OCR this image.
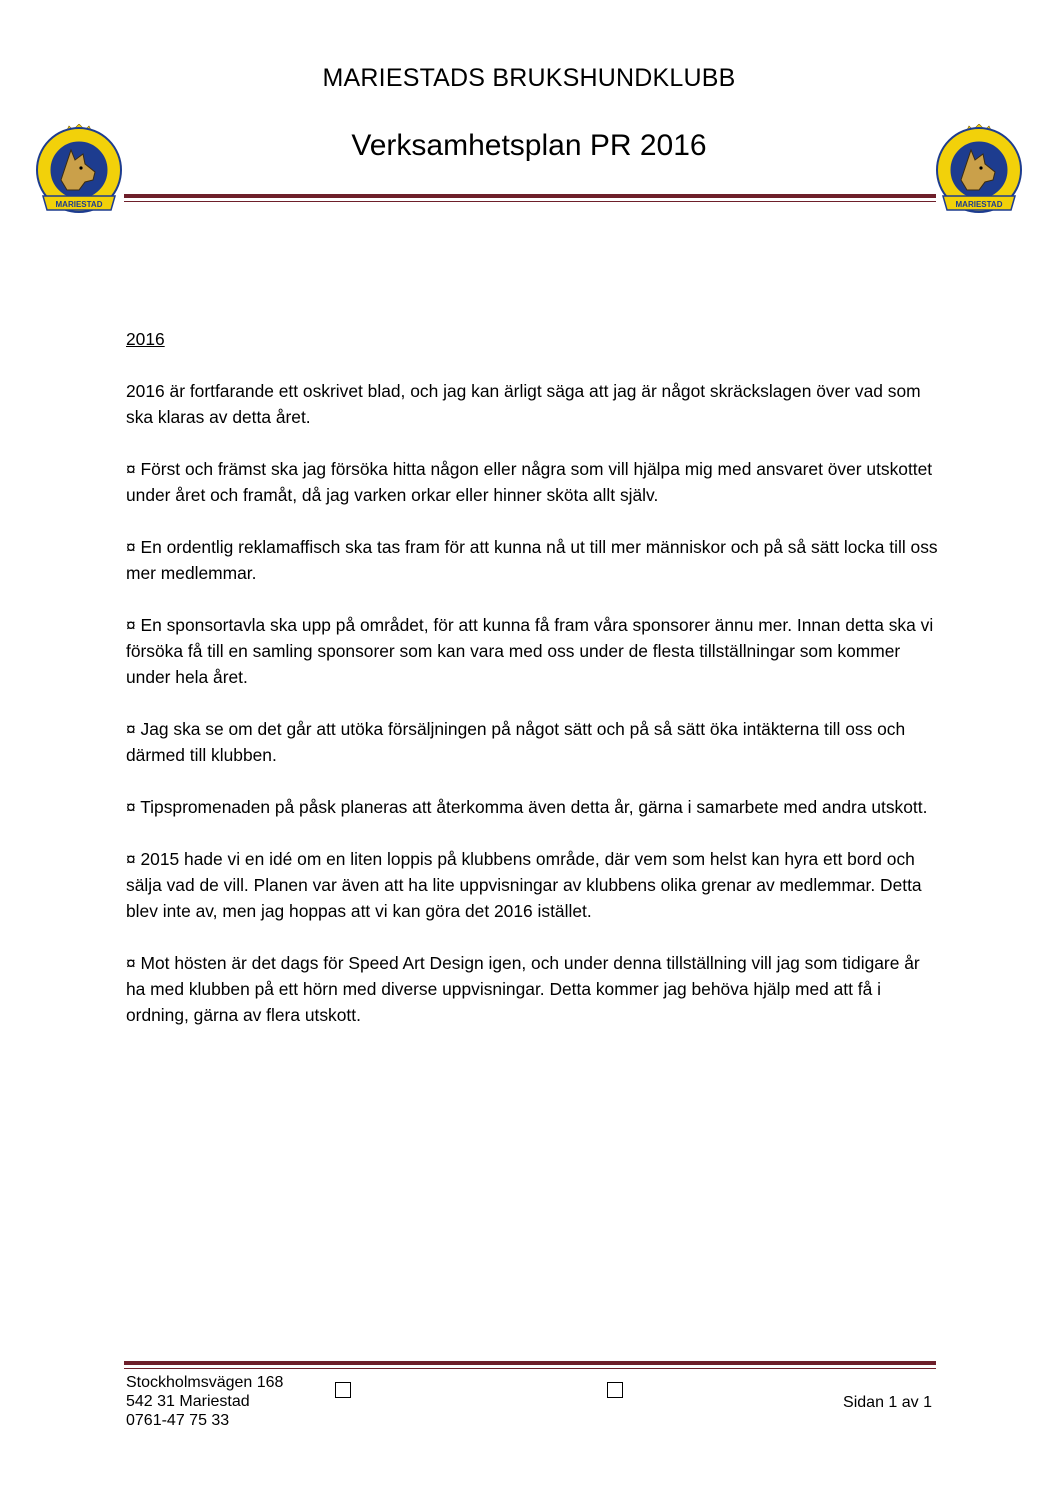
MARIESTADS BRUKSHUNDKLUBB
Verksamhetsplan PR 2016
MARIESTAD	MARIESTAD

2016

2016 är fortfarande ett oskrivet blad, och jag kan ärligt säga att jag är något skräckslagen över vad som ska klaras av detta året.

¤ Först och främst ska jag försöka hitta någon eller några som vill hjälpa mig med ansvaret över utskottet under året och framåt, då jag varken orkar eller hinner sköta allt själv.

¤ En ordentlig reklamaffisch ska tas fram för att kunna nå ut till mer människor och på så sätt locka till oss mer medlemmar.

¤ En sponsortavla ska upp på området, för att kunna få fram våra sponsorer ännu mer. Innan detta ska vi försöka få till en samling sponsorer som kan vara med oss under de flesta tillställningar som kommer under hela året.

¤ Jag ska se om det går att utöka försäljningen på något sätt och på så sätt öka intäkterna till oss och därmed till klubben.

¤ Tipspromenaden på påsk planeras att återkomma även detta år, gärna i samarbete med andra utskott.

¤ 2015 hade vi en idé om en liten loppis på klubbens område, där vem som helst kan hyra ett bord och sälja vad de vill. Planen var även att ha lite uppvisningar av klubbens olika grenar av medlemmar. Detta blev inte av, men jag hoppas att vi kan göra det 2016 istället.

¤ Mot hösten är det dags för Speed Art Design igen, och under denna tillställning vill jag som tidigare år ha med klubben på ett hörn med diverse uppvisningar. Detta kommer jag behöva hjälp med att få i ordning, gärna av flera utskott.

Stockholmsvägen 168
542 31 Mariestad
0761-47 75 33
Sidan 1 av 1
